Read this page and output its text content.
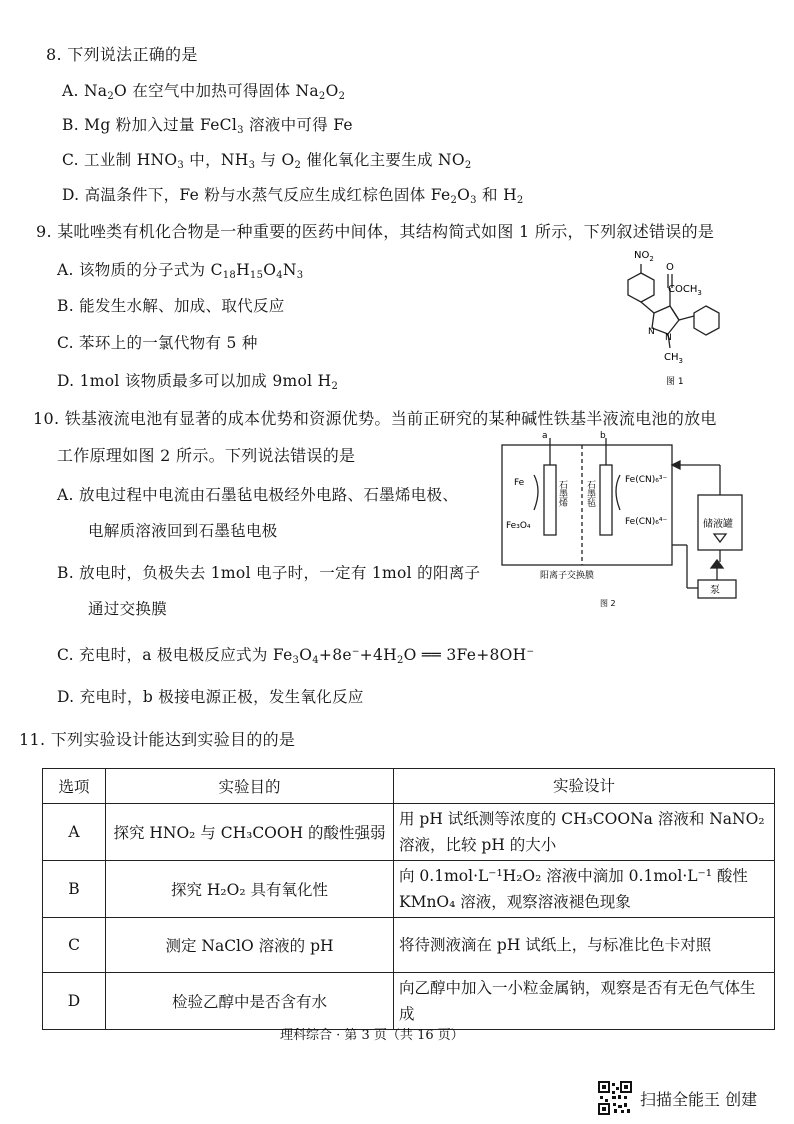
8. 下列说法正确的是
A. $Na_2O$ 在空气中加热可得固体 $Na_2O_2$
B. Mg 粉加入过量 FeCl$_3$ 溶液中可得 Fe
C. 工业制 $HNO_3$ 中，$NH_3$ 与 $O_2$ 催化氧化主要生成 $NO_2$
D. 高温条件下，Fe 粉与水蒸气反应生成红棕色固体 $Fe_2O_3$ 和 $H_2$
9. 某吡唑类有机化合物是一种重要的医药中间体，其结构简式如图 1 所示，下列叙述错误的是
A. 该物质的分子式为 $C_{18}H_{15}O_4N_3$
B. 能发生水解、加成、取代反应
C. 苯环上的一氯代物有 5 种
D. 1mol 该物质最多可以加成 9mol $H_2$
$NO_2$
O
$COCH_3$
N
N
$CH_3$
图 1
10. 铁基液流电池有显著的成本优势和资源优势。当前正研究的某种碱性铁基半液流电池的放电
工作原理如图 2 所示。下列说法错误的是
A. 放电过程中电流由石墨毡电极经外电路、石墨烯电极、
电解质溶液回到石墨毡电极
B. 放电时，负极失去 1mol 电子时，一定有 1mol 的阳离子
通过交换膜
C. 充电时，a 极电极反应式为 $Fe_3O_4+8e^-+4H_2O$ ══ 3Fe+8OH−
D. 充电时，b 极接电源正极，发生氧化反应
a	b
Fe
Fe₃O₄
石墨烯 石墨毡	Fe(CN)₆³⁻
Fe(CN)₆⁴⁻	储液罐
泵
阳离子交换膜
图 2
11. 下列实验设计能达到实验目的的是
选项	实验目的	实验设计
A	探究 HNO₂ 与 CH₃COOH 的酸性强弱	用 pH 试纸测等浓度的 CH₃COONa 溶液和 NaNO₂ 溶液，比较 pH 的大小
B	探究 H₂O₂ 具有氧化性	向 0.1mol·L⁻¹H₂O₂ 溶液中滴加 0.1mol·L⁻¹ 酸性 KMnO₄ 溶液，观察溶液褪色现象
C	测定 NaClO 溶液的 pH	将待测液滴在 pH 试纸上，与标准比色卡对照
D	检验乙醇中是否含有水	向乙醇中加入一小粒金属钠，观察是否有无色气体生成
理科综合 · 第 3 页（共 16 页）
扫描全能王 创建
